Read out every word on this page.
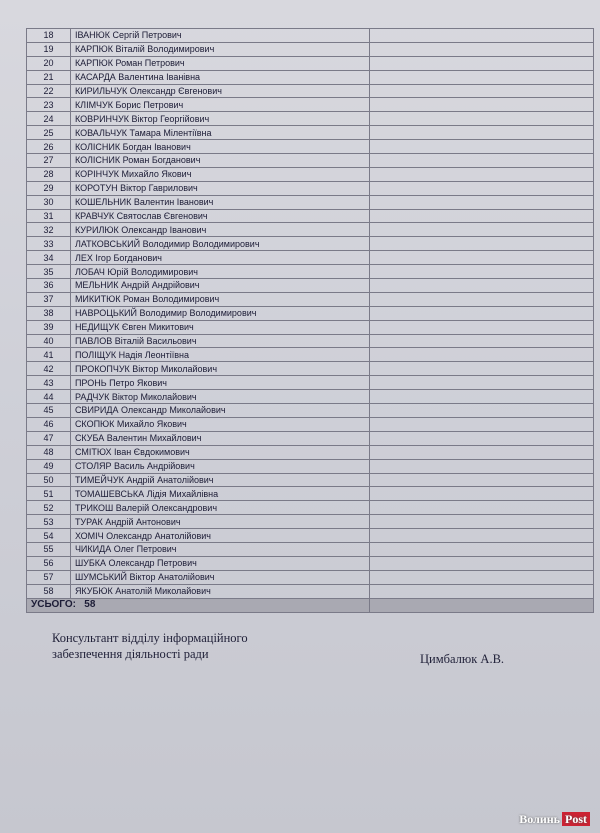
18	ІВАНЮК Сергій Петрович	
19	КАРПЮК Віталій Володимирович	
20	КАРПЮК Роман Петрович	
21	КАСАРДА Валентина Іванівна	
22	КИРИЛЬЧУК Олександр Євгенович	
23	КЛІМЧУК Борис Петрович	
24	КОВРИНЧУК Віктор Георгійович	
25	КОВАЛЬЧУК Тамара Мілентіївна	
26	КОЛІСНИК Богдан Іванович	
27	КОЛІСНИК Роман Богданович	
28	КОРІНЧУК Михайло Якович	
29	КОРОТУН Віктор Гаврилович	
30	КОШЕЛЬНИК Валентин Іванович	
31	КРАВЧУК Святослав Євгенович	
32	КУРИЛЮК Олександр Іванович	
33	ЛАТКОВСЬКИЙ Володимир Володимирович	
34	ЛЕХ Ігор Богданович	
35	ЛОБАЧ Юрій Володимирович	
36	МЕЛЬНИК Андрій Андрійович	
37	МИКИТЮК Роман Володимирович	
38	НАВРОЦЬКИЙ Володимир Володимирович	
39	НЕДИЩУК Євген Микитович	
40	ПАВЛОВ Віталій Васильович	
41	ПОЛІЩУК Надія Леонтіївна	
42	ПРОКОПЧУК Віктор Миколайович	
43	ПРОНЬ Петро Якович	
44	РАДЧУК Віктор Миколайович	
45	СВИРИДА Олександр Миколайович	
46	СКОПЮК Михайло Якович	
47	СКУБА Валентин Михайлович	
48	СМІТЮХ Іван Євдокимович	
49	СТОЛЯР Василь Андрійович	
50	ТИМЕЙЧУК Андрій Анатолійович	
51	ТОМАШЕВСЬКА Лідія Михайлівна	
52	ТРИКОШ Валерій Олександрович	
53	ТУРАК Андрій Антонович	
54	ХОМІЧ Олександр Анатолійович	
55	ЧИКИДА Олег Петрович	
56	ШУБКА Олександр Петрович	
57	ШУМСЬКИЙ Віктор Анатолійович	
58	ЯКУБЮК Анатолій Миколайович	
УСЬОГО: 58		
Консультант відділу інформаційного
забезпечення діяльності ради	Цимбалюк А.В.
Волинь Post
